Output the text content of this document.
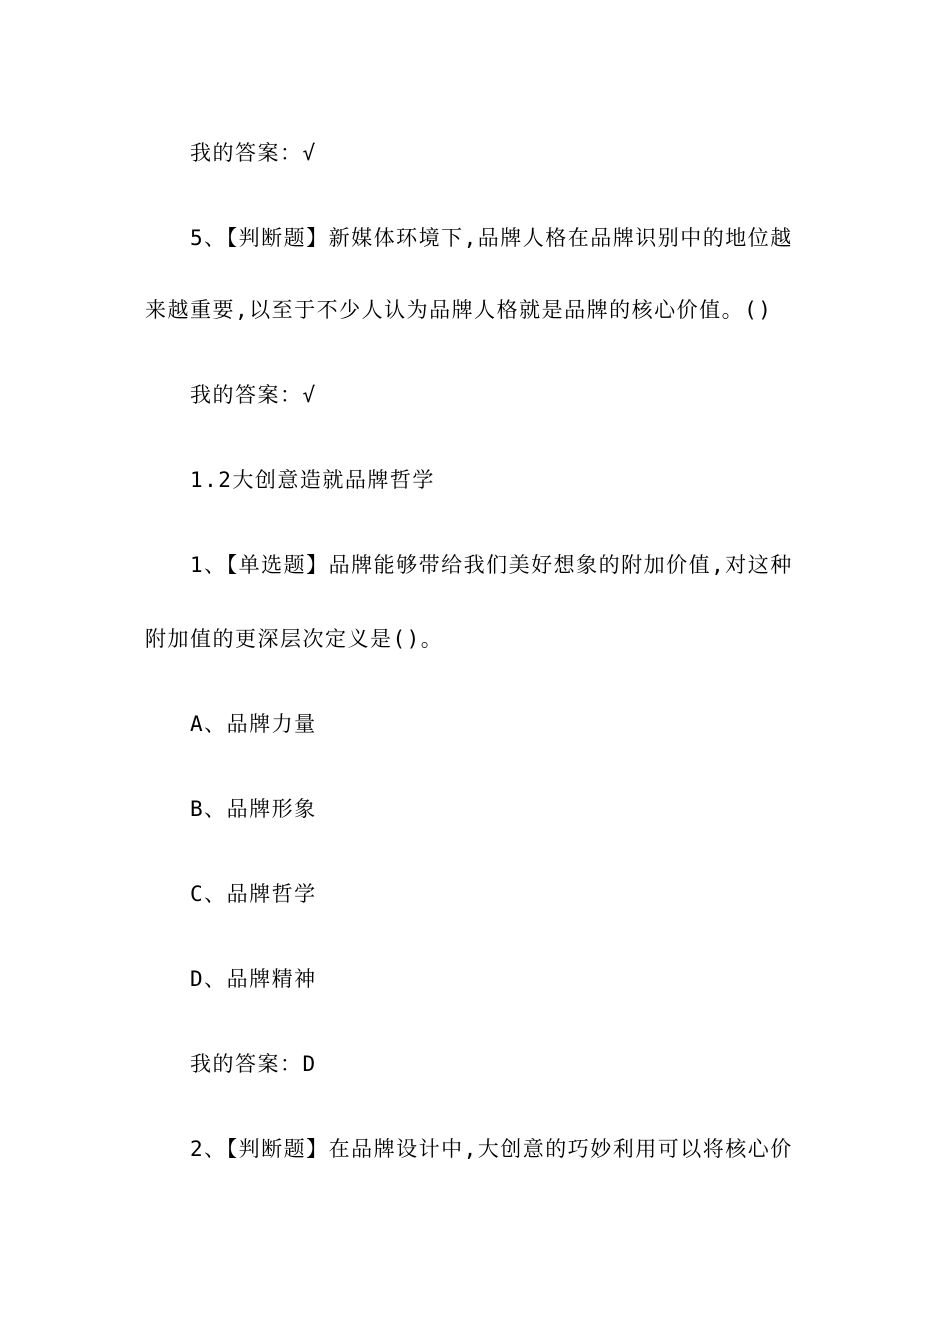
我的答案：√
5、【判断题】新媒体环境下,品牌人格在品牌识别中的地位越
来越重要,以至于不少人认为品牌人格就是品牌的核心价值。()
我的答案：√
1.2大创意造就品牌哲学
1、【单选题】品牌能够带给我们美好想象的附加价值,对这种
附加值的更深层次定义是()。
A、品牌力量
B、品牌形象
C、品牌哲学
D、品牌精神
我的答案：D
2、【判断题】在品牌设计中,大创意的巧妙利用可以将核心价
